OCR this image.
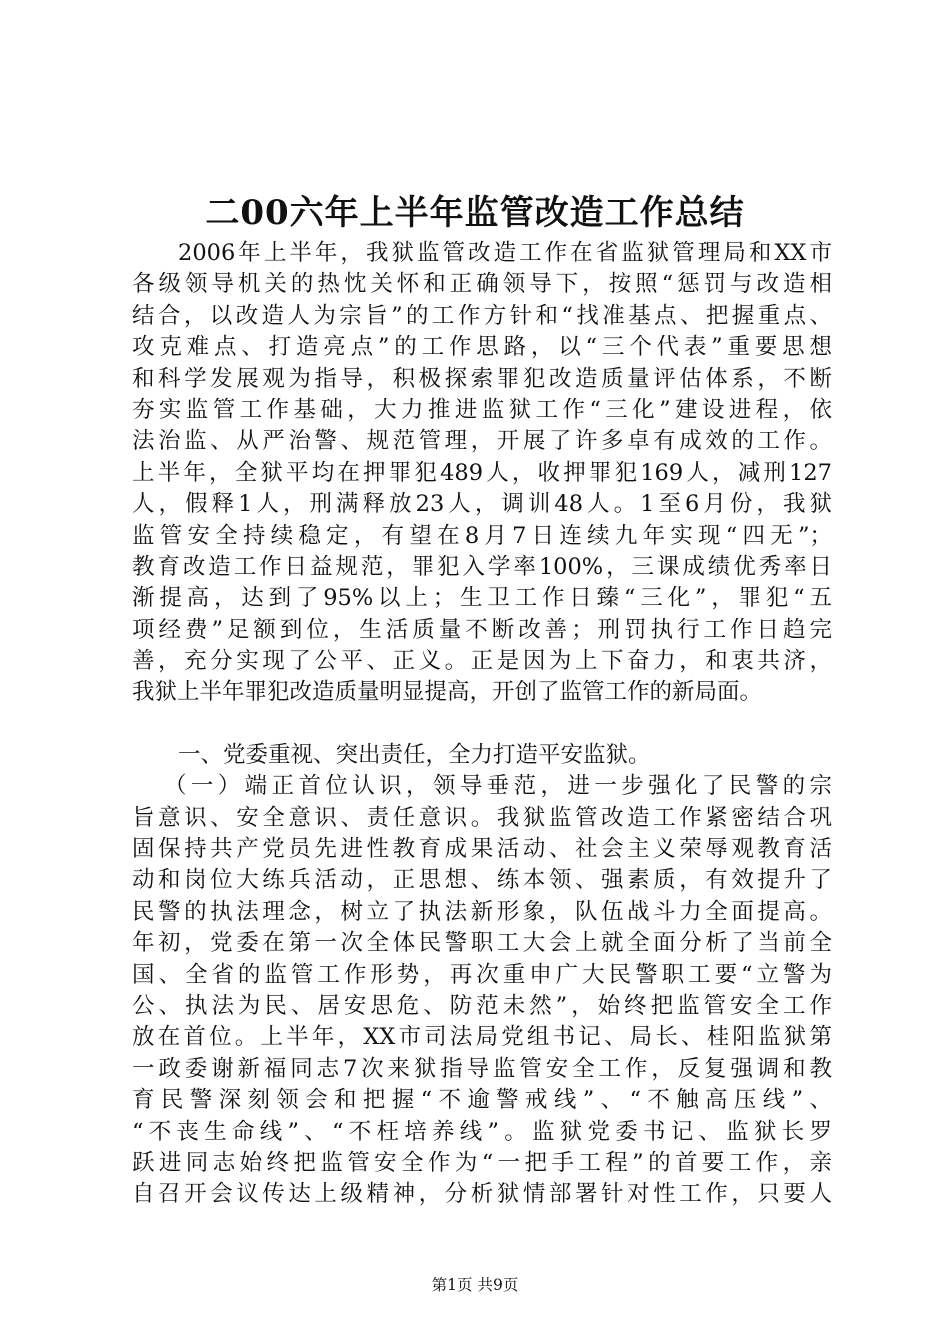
二00六年上半年监管改造工作总结
2006年上半年，我狱监管改造工作在省监狱管理局和XX市
各级领导机关的热忱关怀和正确领导下，按照“惩罚与改造相
结合，以改造人为宗旨”的工作方针和“找准基点、把握重点、
攻克难点、打造亮点”的工作思路，以“三个代表”重要思想
和科学发展观为指导，积极探索罪犯改造质量评估体系，不断
夯实监管工作基础，大力推进监狱工作“三化”建设进程，依
法治监、从严治警、规范管理，开展了许多卓有成效的工作。
上半年，全狱平均在押罪犯489人，收押罪犯169人，减刑127
人，假释1人，刑满释放23人，调训48人。1至6月份，我狱
监管安全持续稳定，有望在8月7日连续九年实现“四无”；
教育改造工作日益规范，罪犯入学率100%，三课成绩优秀率日
渐提高，达到了95%以上；生卫工作日臻“三化”，罪犯“五
项经费”足额到位，生活质量不断改善；刑罚执行工作日趋完
善，充分实现了公平、正义。正是因为上下奋力，和衷共济，
我狱上半年罪犯改造质量明显提高，开创了监管工作的新局面。
一、党委重视、突出责任，全力打造平安监狱。
（一）端正首位认识，领导垂范，进一步强化了民警的宗
旨意识、安全意识、责任意识。我狱监管改造工作紧密结合巩
固保持共产党员先进性教育成果活动、社会主义荣辱观教育活
动和岗位大练兵活动，正思想、练本领、强素质，有效提升了
民警的执法理念，树立了执法新形象，队伍战斗力全面提高。
年初，党委在第一次全体民警职工大会上就全面分析了当前全
国、全省的监管工作形势，再次重申广大民警职工要“立警为
公、执法为民、居安思危、防范未然”，始终把监管安全工作
放在首位。上半年，XX市司法局党组书记、局长、桂阳监狱第
一政委谢新福同志7次来狱指导监管安全工作，反复强调和教
育民警深刻领会和把握“不逾警戒线”、“不触高压线”、
“不丧生命线”、“不枉培养线”。监狱党委书记、监狱长罗
跃进同志始终把监管安全作为“一把手工程”的首要工作，亲
自召开会议传达上级精神，分析狱情部署针对性工作，只要人
第1页 共9页
